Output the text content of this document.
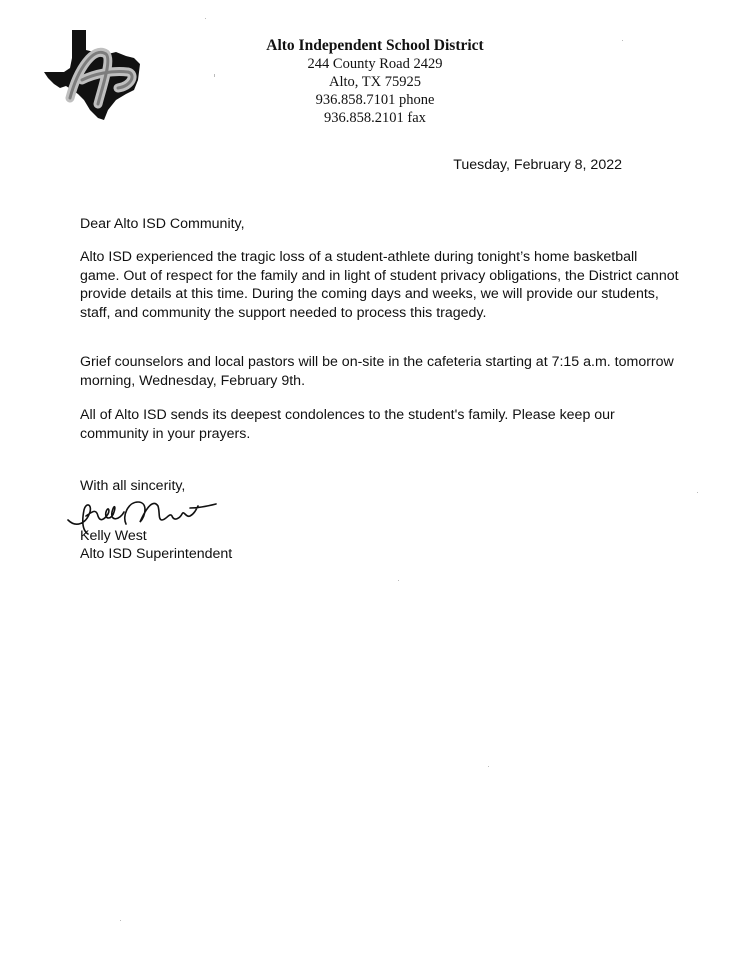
Alto Independent School District
244 County Road 2429
Alto, TX 75925
936.858.7101 phone
936.858.2101 fax
Tuesday, February 8, 2022
Dear Alto ISD Community,

Alto ISD experienced the tragic loss of a student-athlete during tonight’s home basketball game. Out of respect for the family and in light of student privacy obligations, the District cannot provide details at this time. During the coming days and weeks, we will provide our students, staff, and community the support needed to process this tragedy.

Grief counselors and local pastors will be on-site in the cafeteria starting at 7:15 a.m. tomorrow morning, Wednesday, February 9th.

All of Alto ISD sends its deepest condolences to the student's family. Please keep our community in your prayers.

With all sincerity,
Kelly West
Alto ISD Superintendent
